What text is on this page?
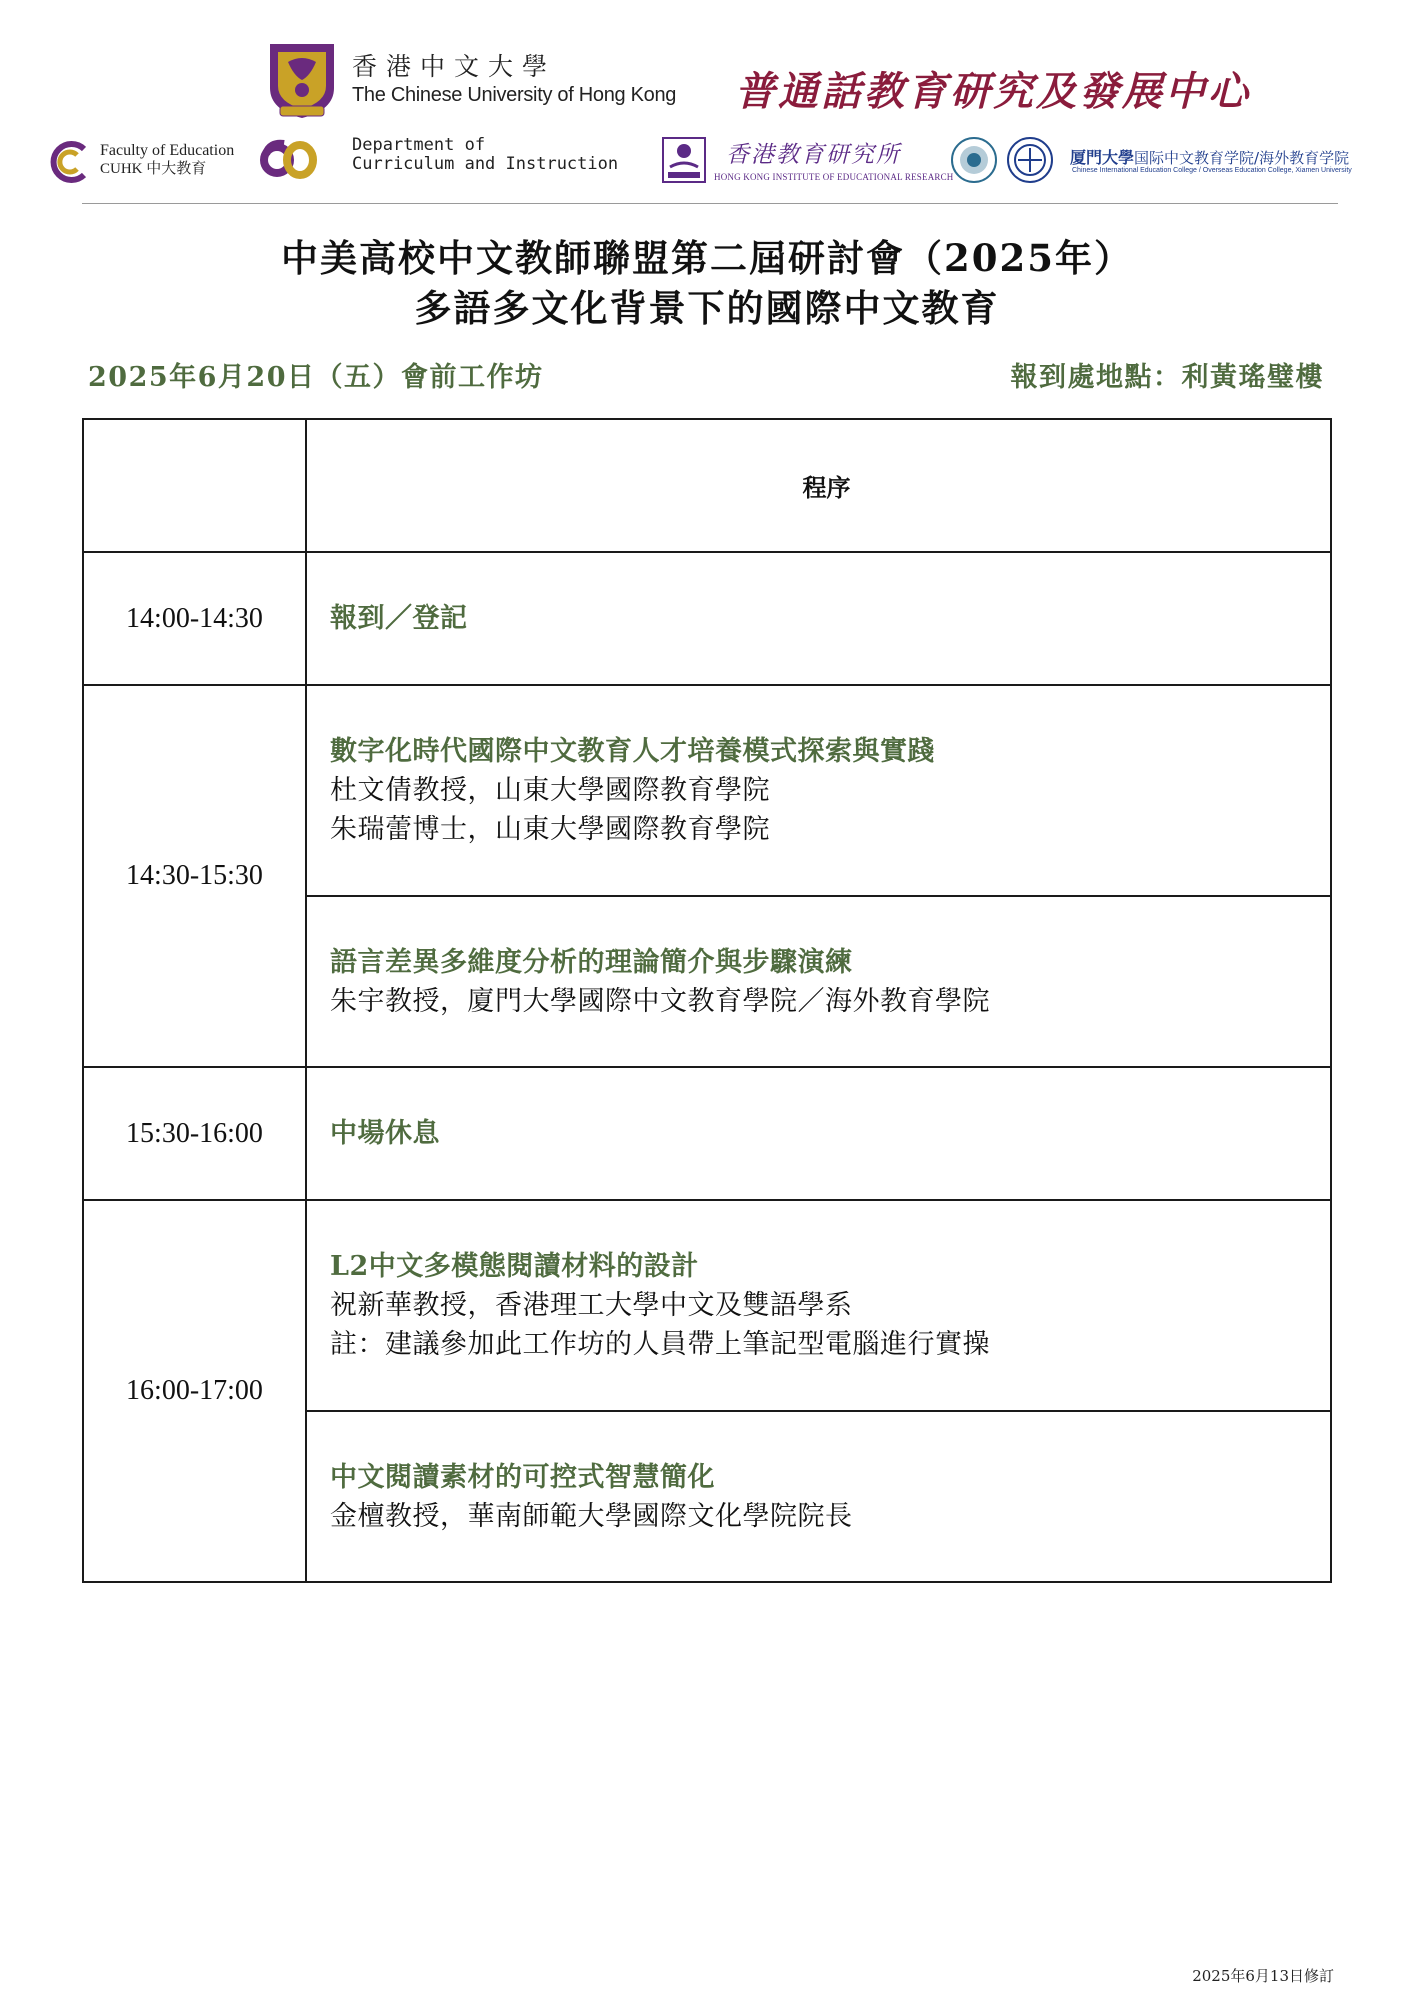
香港中文大學
The Chinese University of Hong Kong 普通話教育研究及發展中心
Faculty of Education
CUHK 中大教育
Department of
Curriculum and Instruction	香港教育研究所
HONG KONG INSTITUTE OF EDUCATIONAL RESEARCH
厦門大學国际中文教育学院/海外教育学院
Chinese International Education College / Overseas Education College, Xiamen University
中美高校中文教師聯盟第二屆研討會（2025年）
多語多文化背景下的國際中文教育
2025年6月20日（五）會前工作坊	報到處地點：利黃瑤璧樓
	程序
14:00-14:30	報到／登記

14:30-15:30	數字化時代國際中文教育人才培養模式探索與實踐
杜文倩教授，山東大學國際教育學院
朱瑞蕾博士，山東大學國際教育學院

	語言差異多維度分析的理論簡介與步驟演練
朱宇教授，廈門大學國際中文教育學院／海外教育學院

15:30-16:00	中場休息

16:00-17:00	L2中文多模態閱讀材料的設計
祝新華教授，香港理工大學中文及雙語學系
註：建議參加此工作坊的人員帶上筆記型電腦進行實操

	中文閱讀素材的可控式智慧簡化
金檀教授，華南師範大學國際文化學院院長
2025年6月13日修訂
